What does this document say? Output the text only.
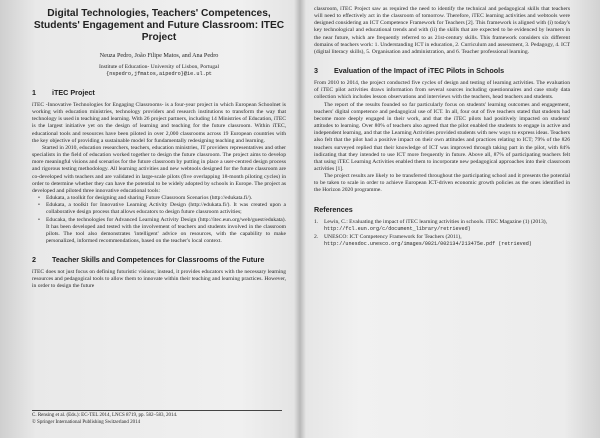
Digital Technologies, Teachers' Competences, Students' Engagement and Future Classroom: ITEC Project
Neuza Pedro, João Filipe Matos, and Ana Pedro
Institute of Education- University of Lisbon, Portugal
{nspedro,jfmatos,aipedro}@ie.ul.pt
1	iTEC Project

iTEC -Innovative Technologies for Engaging Classrooms- is a four-year project in which European Schoolnet is working with education ministries, technology providers and research institutions to transform the way that technology is used in teaching and learning. With 26 project partners, including 14 Ministries of Education, iTEC is the largest initiative yet on the design of learning and teaching for the future classroom. Within iTEC, educational tools and resources have been piloted in over 2,000 classrooms across 19 European countries with the key objective of providing a sustainable model for fundamentally redesigning teaching and learning.

Started in 2010, education researchers, teachers, education ministries, IT providers representatives and other specialists in the field of education worked together to design the future classroom. The project aims to develop more meaningful visions and scenarios for the future classroom by putting in place a user-centred design process and rigorous testing methodology. All learning activities and new webtools designed for the future classroom are co-developed with teachers and are validated in large-scale pilots (five overlapping 18-month piloting cycles) in order to determine whether they can have the potential to be widely adopted by schools in Europe. The project as developed and piloted three innovative educational tools:

• Edukata, a toolkit for designing and sharing Future Classroom Scenarios (http://edukata.fi/).
• Edukata, a toolkit for Innovative Learning Activity Design (http://edukata.fi/). It was created upon a collaborative design process that allows educators to design future classroom activities;
• Educaka, the technologies for Advanced Learning Activity Design (http://itec.eun.org/web/guest/edukata). It has been developed and tested with the involvement of teachers and students involved in the classroom pilots. The tool also demonstrates 'intelligent' advice on resources, with the capability to make personalized, informed recommendations, based on the teacher's local context.
2	Teacher Skills and Competences for Classrooms of the Future

iTEC does not just focus on defining futuristic visions; instead, it provides educators with the necessary learning resources and pedagogical tools to allow them to innovate within their teaching and learning practices. However, in order to design the future

C. Rensing et al. (Eds.): EC-TEL 2014, LNCS 8719, pp. 582–583, 2014.
© Springer International Publishing Switzerland 2014

classroom, iTEC Project saw as required the need to identify the technical and pedagogical skills that teachers will need to effectively act in the classroom of tomorrow. Therefore, iTEC learning activities and webtools were designed considering an ICT Competence Framework for Teachers [2]. This framework is aligned with (i) today's key technological and educational trends and with (ii) the skills that are expected to be evidenced by learners in the near future, which are frequently referred to as 21st-century skills. This framework considers six different domains of teachers work: 1. Understanding ICT in education, 2. Curriculum and assessment, 3. Pedagogy, 4. ICT (digital literacy skills), 5. Organisation and administration, and 6. Teacher professional learning.

3	Evaluation of the Impact of iTEC Pilots in Schools

From 2010 to 2014, the project conducted five cycles of design and testing of learning activities. The evaluation of iTEC pilot activities draws information from several sources including questionnaires and case study data collection which includes lesson observations and interviews with the teachers, head teachers and students.

The report of the results founded so far particularly focus on students' learning outcomes and engagement, teachers' digital competence and pedagogical use of ICT. In all, four out of five teachers stated that students had become more deeply engaged in their work, and that the iTEC pilots had positively impacted on students' attitudes to learning. Over 80% of teachers also agreed that the pilot enabled the students to engage in active and independent learning, and that the Learning Activities provided students with new ways to express ideas. Teachers also felt that the pilot had a positive impact on their own attitudes and practices relating to ICT; 79% of the 826 teachers surveyed replied that their knowledge of ICT was improved through taking part in the pilot, with 84% indicating that they intended to use ICT more frequently in future. Above all, 87% of participating teachers felt that using iTEC Learning Activities enabled them to incorporate new pedagogical approaches into their classroom activities [1].

The project results are likely to be transferred throughout the participating school and it presents the potential to be taken to scale in order to achieve European ICT-driven economic growth policies as the ones identified in the Horizon 2020 programme.

References
1.	Lewin, C.: Evaluating the impact of iTEC learning activities in schools. iTEC Magazine (1) (2013), http://fcl.eun.org/c/document_library/retrieved)
2.	UNESCO: ICT Competency Framework for Teachers (2011), http://unesdoc.unesco.org/images/0021/002134/213475e.pdf (retrieved)
